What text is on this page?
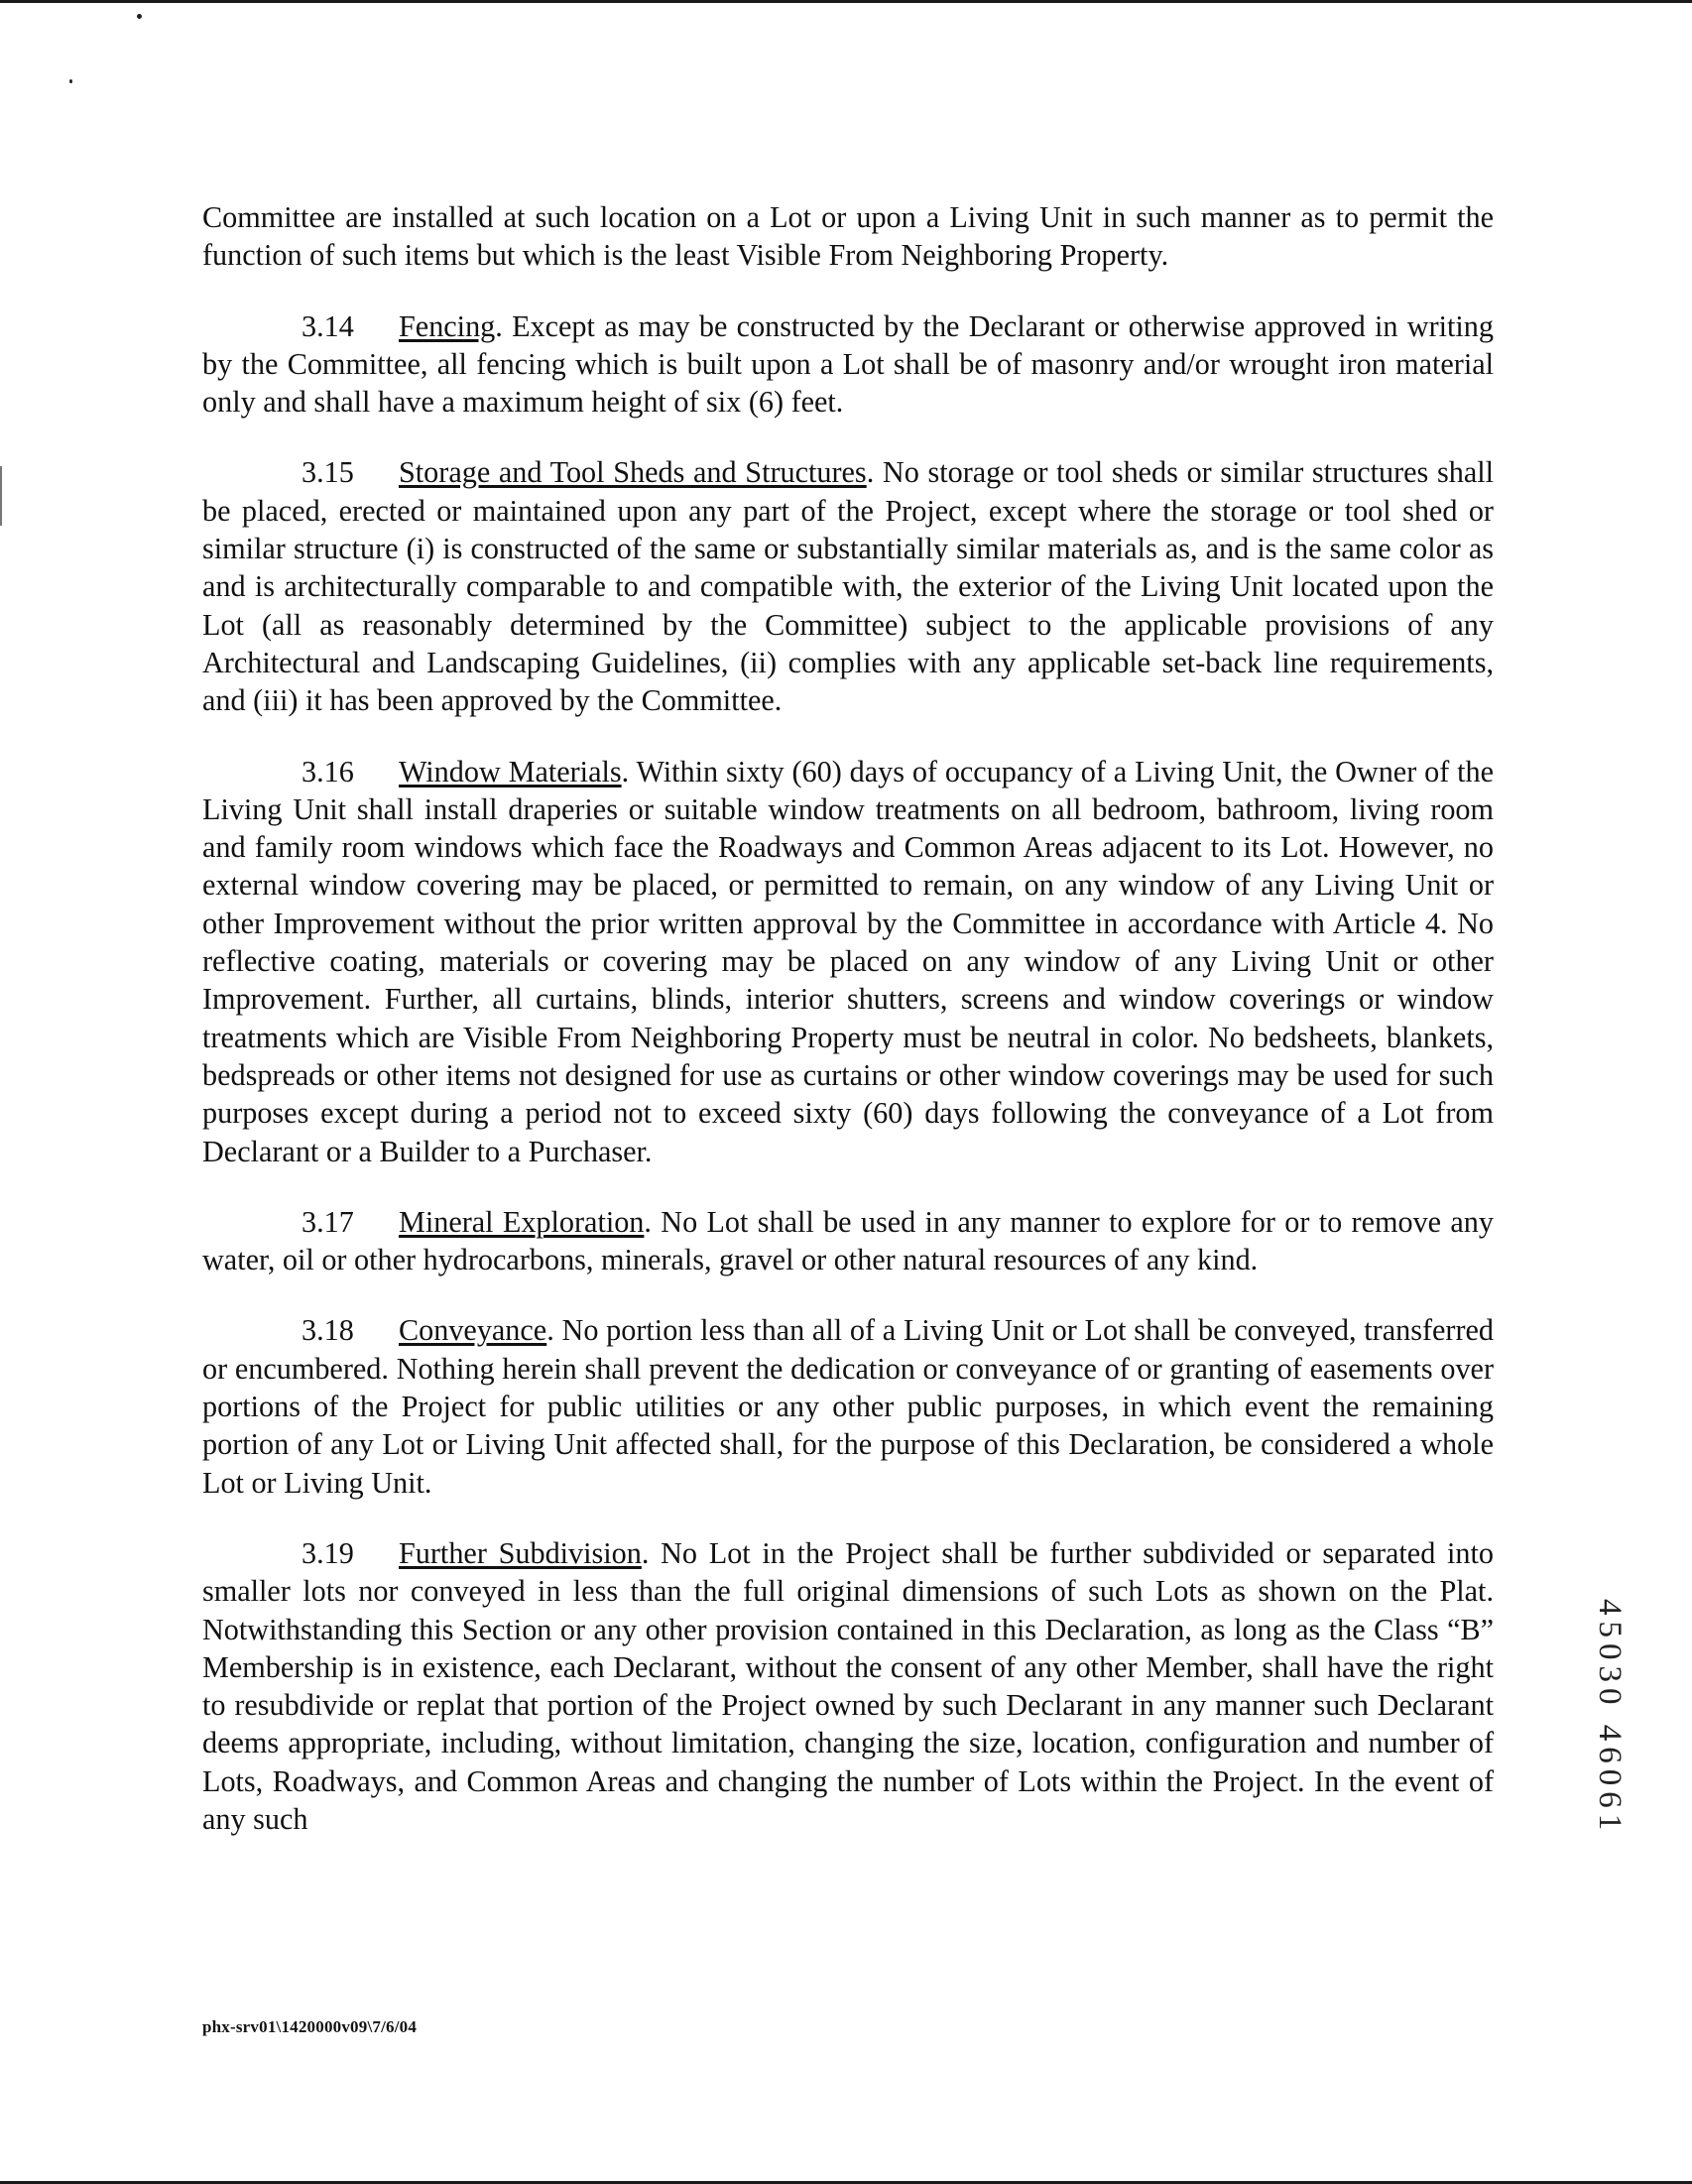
Committee are installed at such location on a Lot or upon a Living Unit in such manner as to permit the function of such items but which is the least Visible From Neighboring Property.

3.14 Fencing. Except as may be constructed by the Declarant or otherwise approved in writing by the Committee, all fencing which is built upon a Lot shall be of masonry and/or wrought iron material only and shall have a maximum height of six (6) feet.

3.15 Storage and Tool Sheds and Structures. No storage or tool sheds or similar structures shall be placed, erected or maintained upon any part of the Project, except where the storage or tool shed or similar structure (i) is constructed of the same or substantially similar materials as, and is the same color as and is architecturally comparable to and compatible with, the exterior of the Living Unit located upon the Lot (all as reasonably determined by the Committee) subject to the applicable provisions of any Architectural and Landscaping Guidelines, (ii) complies with any applicable set-back line requirements, and (iii) it has been approved by the Committee.

3.16 Window Materials. Within sixty (60) days of occupancy of a Living Unit, the Owner of the Living Unit shall install draperies or suitable window treatments on all bedroom, bathroom, living room and family room windows which face the Roadways and Common Areas adjacent to its Lot. However, no external window covering may be placed, or permitted to remain, on any window of any Living Unit or other Improvement without the prior written approval by the Committee in accordance with Article 4. No reflective coating, materials or covering may be placed on any window of any Living Unit or other Improvement. Further, all curtains, blinds, interior shutters, screens and window coverings or window treatments which are Visible From Neighboring Property must be neutral in color. No bedsheets, blankets, bedspreads or other items not designed for use as curtains or other window coverings may be used for such purposes except during a period not to exceed sixty (60) days following the conveyance of a Lot from Declarant or a Builder to a Purchaser.

3.17 Mineral Exploration. No Lot shall be used in any manner to explore for or to remove any water, oil or other hydrocarbons, minerals, gravel or other natural resources of any kind.

3.18 Conveyance. No portion less than all of a Living Unit or Lot shall be conveyed, transferred or encumbered. Nothing herein shall prevent the dedication or conveyance of or granting of easements over portions of the Project for public utilities or any other public purposes, in which event the remaining portion of any Lot or Living Unit affected shall, for the purpose of this Declaration, be considered a whole Lot or Living Unit.

3.19 Further Subdivision. No Lot in the Project shall be further subdivided or separated into smaller lots nor conveyed in less than the full original dimensions of such Lots as shown on the Plat. Notwithstanding this Section or any other provision contained in this Declaration, as long as the Class “B” Membership is in existence, each Declarant, without the consent of any other Member, shall have the right to resubdivide or replat that portion of the Project owned by such Declarant in any manner such Declarant deems appropriate, including, without limitation, changing the size, location, configuration and number of Lots, Roadways, and Common Areas and changing the number of Lots within the Project. In the event of any such

phx-srv01\1420000v09\7/6/04
45030 46061
